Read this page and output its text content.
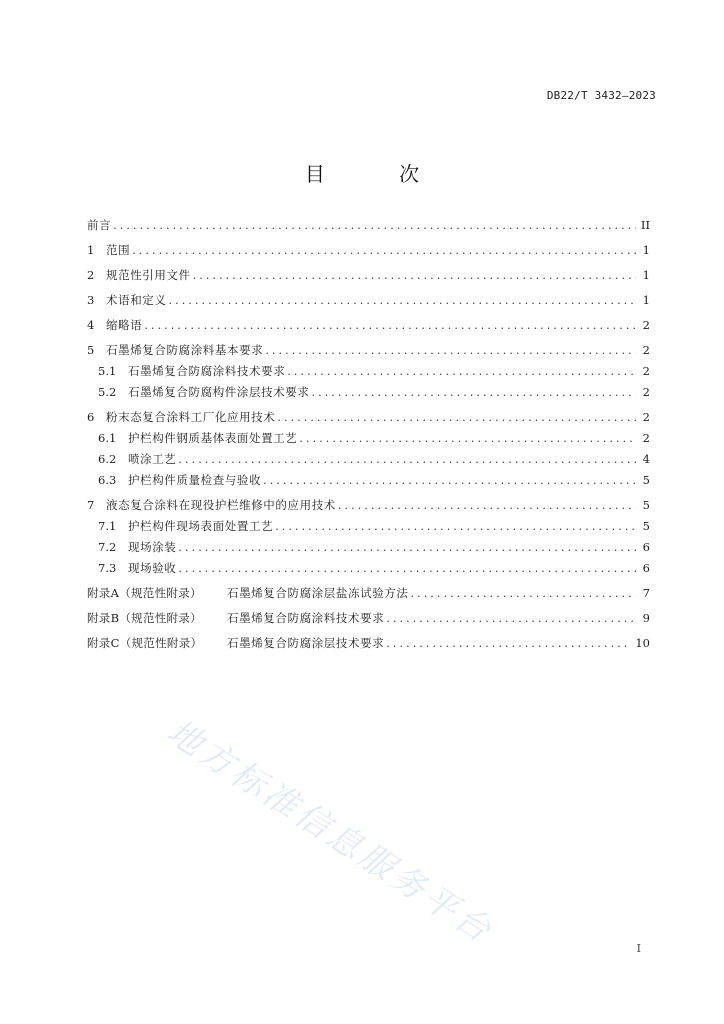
DB22/T 3432—2023
目 次
前言 .....	II
1	范围 .....	1
2	规范性引用文件 .....	1
3	术语和定义 .....	1
4	缩略语 .....	2
5	石墨烯复合防腐涂料基本要求 .....	2
5.1	石墨烯复合防腐涂料技术要求 .....	2
5.2	石墨烯复合防腐构件涂层技术要求 .....	2
6	粉末态复合涂料工厂化应用技术 .....	2
6.1	护栏构件钢质基体表面处置工艺 .....	2
6.2	喷涂工艺 .....	4
6.3	护栏构件质量检查与验收 .....	5
7	液态复合涂料在现役护栏维修中的应用技术 .....	5
7.1	护栏构件现场表面处置工艺 .....	5
7.2	现场涂装 .....	6
7.3	现场验收 .....	6
附录A（规范性附录）	石墨烯复合防腐涂层盐冻试验方法 .....	7
附录B（规范性附录）	石墨烯复合防腐涂料技术要求 .....	9
附录C（规范性附录）	石墨烯复合防腐涂层技术要求 .....	10
地方标准信息服务平台	I
